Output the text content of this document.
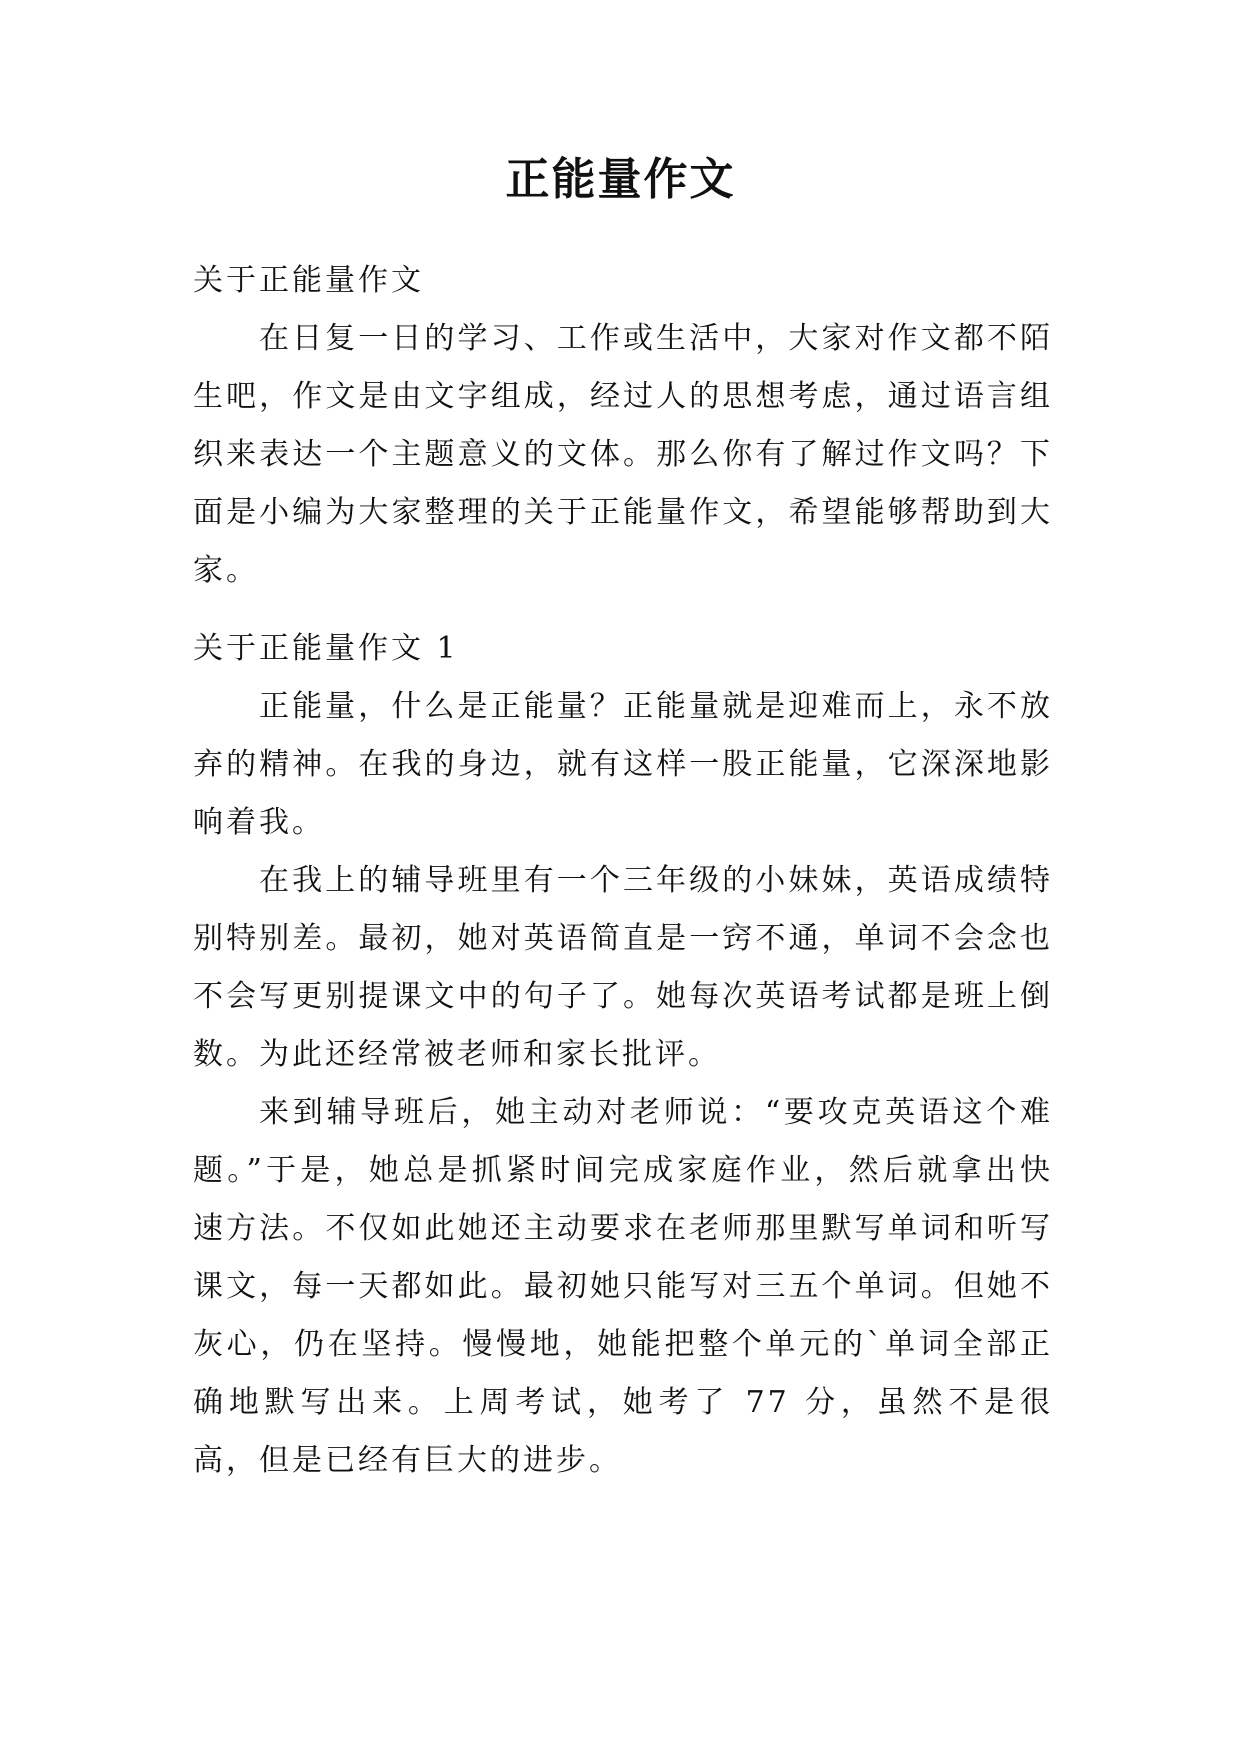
正能量作文

关于正能量作文

在日复一日的学习、工作或生活中，大家对作文都不陌生吧，作文是由文字组成，经过人的思想考虑，通过语言组织来表达一个主题意义的文体。那么你有了解过作文吗？下面是小编为大家整理的关于正能量作文，希望能够帮助到大家。

关于正能量作文 1

正能量，什么是正能量？正能量就是迎难而上，永不放弃的精神。在我的身边，就有这样一股正能量，它深深地影响着我。

在我上的辅导班里有一个三年级的小妹妹，英语成绩特别特别差。最初，她对英语简直是一窍不通，单词不会念也不会写更别提课文中的句子了。她每次英语考试都是班上倒数。为此还经常被老师和家长批评。

来到辅导班后，她主动对老师说：“要攻克英语这个难题。”于是，她总是抓紧时间完成家庭作业，然后就拿出快速方法。不仅如此她还主动要求在老师那里默写单词和听写课文，每一天都如此。最初她只能写对三五个单词。但她不灰心，仍在坚持。慢慢地，她能把整个单元的`单词全部正确地默写出来。上周考试，她考了 77 分，虽然不是很高，但是已经有巨大的进步。
